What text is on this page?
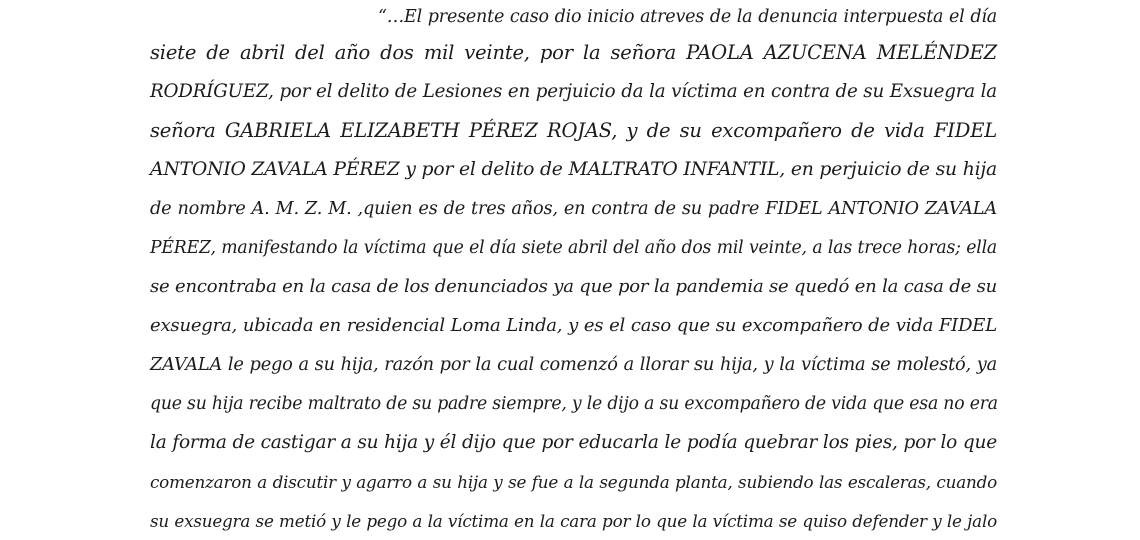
“…El presente caso dio inicio atreves de la denuncia interpuesta el día
siete de abril del año dos mil veinte, por la señora PAOLA AZUCENA MELÉNDEZ
RODRÍGUEZ, por el delito de Lesiones en perjuicio da la víctima en contra de su Exsuegra la
señora GABRIELA ELIZABETH PÉREZ ROJAS, y de su excompañero de vida FIDEL
ANTONIO ZAVALA PÉREZ y por el delito de MALTRATO INFANTIL, en perjuicio de su hija
de nombre A. M. Z. M. ,quien es de tres años, en contra de su padre FIDEL ANTONIO ZAVALA
PÉREZ, manifestando la víctima que el día siete abril del año dos mil veinte, a las trece horas; ella
se encontraba en la casa de los denunciados ya que por la pandemia se quedó en la casa de su
exsuegra, ubicada en residencial Loma Linda, y es el caso que su excompañero de vida FIDEL
ZAVALA le pego a su hija, razón por la cual comenzó a llorar su hija, y la víctima se molestó, ya
que su hija recibe maltrato de su padre siempre, y le dijo a su excompañero de vida que esa no era
la forma de castigar a su hija y él dijo que por educarla le podía quebrar los pies, por lo que
comenzaron a discutir y agarro a su hija y se fue a la segunda planta, subiendo las escaleras, cuando
su exsuegra se metió y le pego a la víctima en la cara por lo que la víctima se quiso defender y le jalo
